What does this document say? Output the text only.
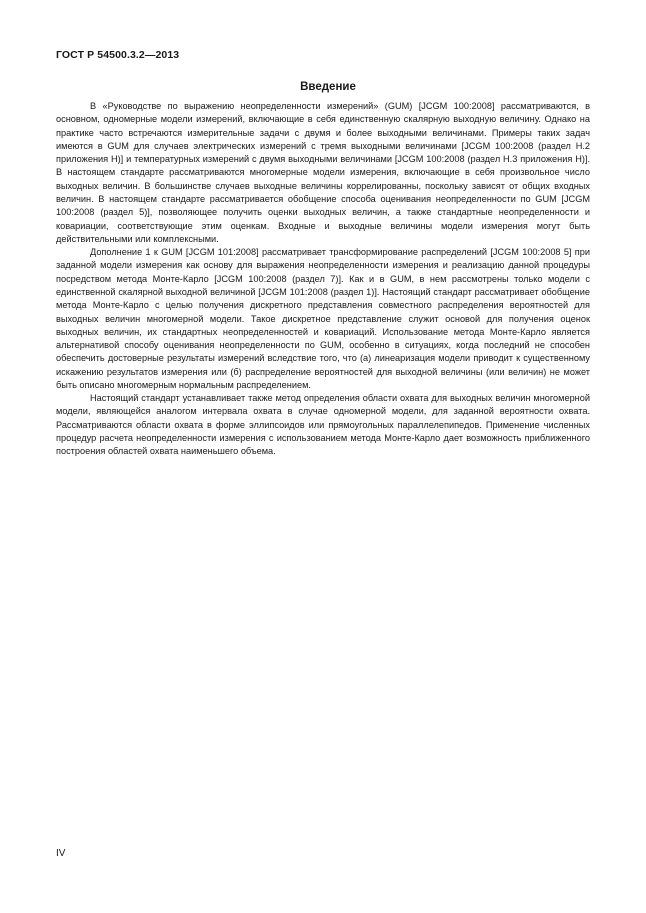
ГОСТ Р 54500.3.2—2013
Введение

В «Руководстве по выражению неопределенности измерений» (GUM) [JCGM 100:2008] рассматриваются, в основном, одномерные модели измерений, включающие в себя единственную скалярную выходную величину. Однако на практике часто встречаются измерительные задачи с двумя и более выходными величинами. Примеры таких задач имеются в GUM для случаев электрических измерений с тремя выходными величинами [JCGM 100:2008 (раздел Н.2 приложения Н)] и температурных измерений с двумя выходными величинами [JCGM 100:2008 (раздел Н.3 приложения Н)]. В настоящем стандарте рассматриваются многомерные модели измерения, включающие в себя произвольное число выходных величин. В большинстве случаев выходные величины коррелированны, поскольку зависят от общих входных величин. В настоящем стандарте рассматривается обобщение способа оценивания неопределенности по GUM [JCGM 100:2008 (раздел 5)], позволяющее получить оценки выходных величин, а также стандартные неопределенности и ковариации, соответствующие этим оценкам. Входные и выходные величины модели измерения могут быть действительными или комплексными.

Дополнение 1 к GUM [JCGM 101:2008] рассматривает трансформирование распределений [JCGM 100:2008 5] при заданной модели измерения как основу для выражения неопределенности измерения и реализацию данной процедуры посредством метода Монте-Карло [JCGM 100:2008 (раздел 7)]. Как и в GUM, в нем рассмотрены только модели с единственной скалярной выходной величиной [JCGM 101:2008 (раздел 1)]. Настоящий стандарт рассматривает обобщение метода Монте-Карло с целью получения дискретного представления совместного распределения вероятностей для выходных величин многомерной модели. Такое дискретное представление служит основой для получения оценок выходных величин, их стандартных неопределенностей и ковариаций. Использование метода Монте-Карло является альтернативой способу оценивания неопределенности по GUM, особенно в ситуациях, когда последний не способен обеспечить достоверные результаты измерений вследствие того, что (а) линеаризация модели приводит к существенному искажению результатов измерения или (б) распределение вероятностей для выходной величины (или величин) не может быть описано многомерным нормальным распределением.

Настоящий стандарт устанавливает также метод определения области охвата для выходных величин многомерной модели, являющейся аналогом интервала охвата в случае одномерной модели, для заданной вероятности охвата. Рассматриваются области охвата в форме эллипсоидов или прямоугольных параллелепипедов. Применение численных процедур расчета неопределенности измерения с использованием метода Монте-Карло дает возможность приближенного построения областей охвата наименьшего объема.

IV
